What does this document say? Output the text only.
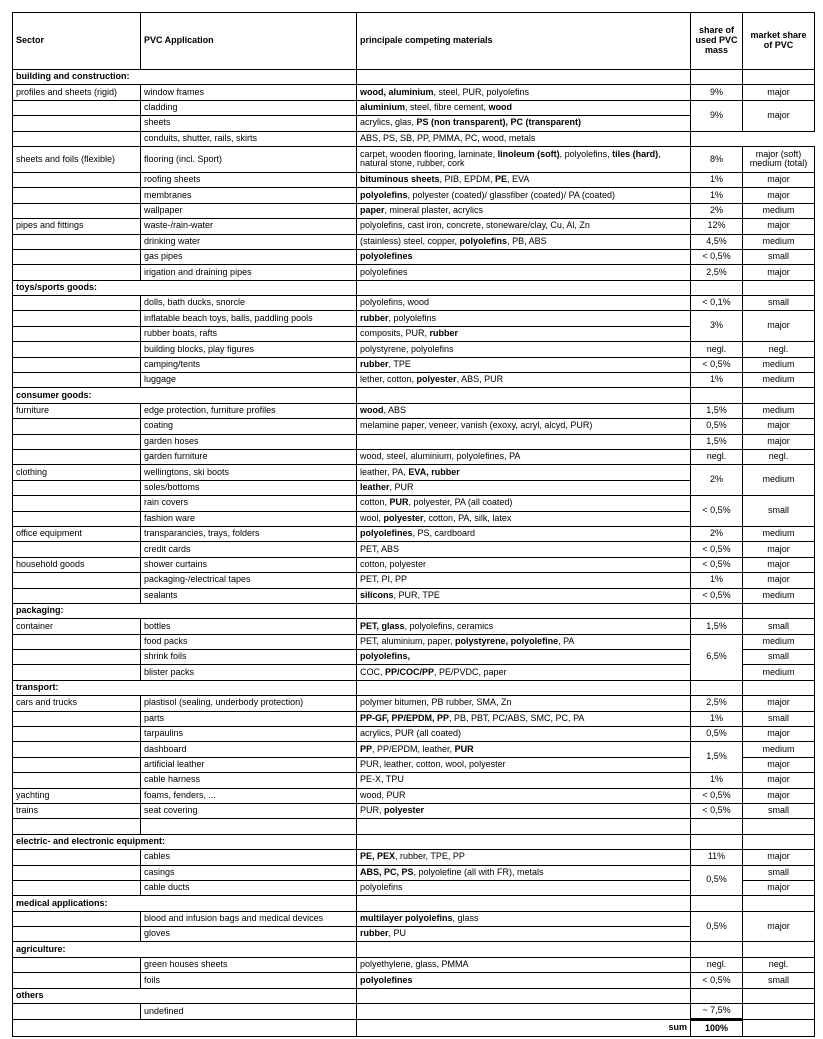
Sector	PVC Application	principale competing materials	share of used PVC mass	market share of PVC
building and construction:				
profiles and sheets (rigid)	window frames	wood, aluminium, steel, PUR, polyolefins	9%	major
	cladding	aluminium, steel, fibre cement, wood	9%	major
	sheets	acrylics, glas, PS (non transparent), PC (transparent)		
	conduits, shutter, rails, skirts	ABS, PS, SB, PP, PMMA, PC, wood, metals		
sheets and foils (flexible)	flooring (incl. Sport)	carpet, wooden flooring, laminate, linoleum (soft), polyolefins, tiles (hard), natural stone, rubber, cork	8%	major (soft)
medium (total)
	roofing sheets	bituminous sheets, PIB, EPDM, PE, EVA	1%	major
	membranes	polyolefins, polyester (coated)/ glassfiber (coated)/ PA (coated)	1%	major
	wallpaper	paper, mineral plaster, acrylics	2%	medium
pipes and fittings	waste-/rain-water	polyolefins, cast iron, concrete, stoneware/clay, Cu, Al, Zn	12%	major
	drinking water	(stainless) steel, copper, polyolefins, PB, ABS	4,5%	medium
	gas pipes	polyolefines	< 0,5%	small
	irigation and draining pipes	polyolefines	2,5%	major
toys/sports goods:				
	dolls, bath ducks, snorcle	polyolefins, wood	< 0,1%	small
	inflatable beach toys, balls, paddling pools	rubber, polyolefins	3%	major
	rubber boats, rafts	composits, PUR, rubber		
	building blocks, play figures	polystyrene, polyolefins	negl.	negl.
	camping/tents	rubber, TPE	< 0,5%	medium
	luggage	lether, cotton, polyester, ABS, PUR	1%	medium
consumer goods:				
furniture	edge protection, furniture profiles	wood, ABS	1,5%	medium
	coating	melamine paper, veneer, vanish (exoxy, acryl, alcyd, PUR)	0,5%	major
	garden hoses		1,5%	major
	garden furniture	wood, steel, aluminium, polyolefines, PA	negl.	negl.
clothing	wellingtons, ski boots	leather, PA, EVA, rubber	2%	medium
	soles/bottoms	leather, PUR		
	rain covers	cotton, PUR, polyester, PA (all coated)	< 0,5%	small
	fashion ware	wool, polyester, cotton, PA, silk, latex		
office equipment	transparancies, trays, folders	polyolefines, PS, cardboard	2%	medium
	credit cards	PET, ABS	< 0,5%	major
household goods	shower curtains	cotton, polyester	< 0,5%	major
	packaging-/electrical tapes	PET, PI, PP	1%	major
	sealants	silicons, PUR, TPE	< 0,5%	medium
packaging:				
container	bottles	PET, glass, polyolefins, ceramics	1,5%	small
	food packs	PET, aluminium, paper, polystyrene, polyolefine, PA	6,5%	medium
	shrink foils	polyolefins,		small
	blister packs	COC, PP/COC/PP, PE/PVDC, paper		medium
transport:				
cars and trucks	plastisol (sealing, underbody protection)	polymer bitumen, PB rubber, SMA, Zn	2,5%	major
	parts	PP-GF, PP/EPDM, PP, PB, PBT, PC/ABS, SMC, PC, PA	1%	small
	tarpaulins	acrylics, PUR (all coated)	0,5%	major
	dashboard	PP, PP/EPDM, leather, PUR	1,5%	medium
	artificial leather	PUR, leather, cotton, wool, polyester		major
	cable harness	PE-X, TPU	1%	major
yachting	foams, fenders, ...	wood, PUR	< 0,5%	major
trains	seat covering	PUR, polyester	< 0,5%	small

electric- and electronic equipment:				
	cables	PE, PEX, rubber, TPE, PP	11%	major
	casings	ABS, PC, PS, polyolefine (all with FR), metals	0,5%	small
	cable ducts	polyolefins		major
medical applications:				
	blood and infusion bags and medical devices	multilayer polyolefins, glass	0,5%	major
	gloves	rubber, PU		
agriculture:				
	green houses sheets	polyethylene, glass, PMMA	negl.	negl.
	foils	polyolefines	< 0,5%	small
others				
	undefined		~ 7,5%	
		sum	100%	
